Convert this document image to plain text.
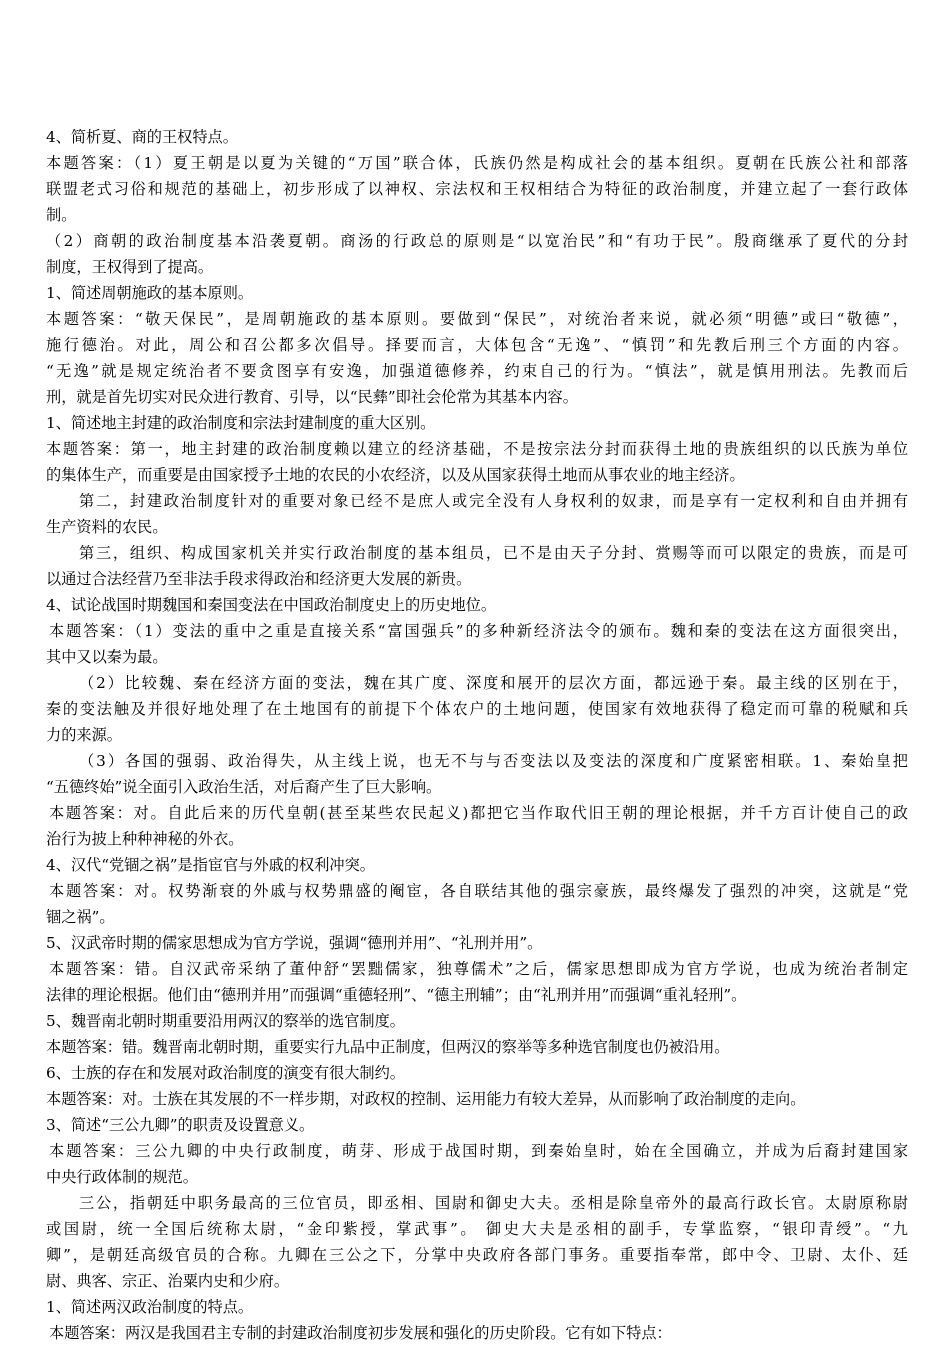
4、简析夏、商的王权特点。
本题答案：（1）夏王朝是以夏为关键的“万国”联合体，氏族仍然是构成社会的基本组织。夏朝在氏族公社和部落
联盟老式习俗和规范的基础上，初步形成了以神权、宗法权和王权相结合为特征的政治制度，并建立起了一套行政体
制。
（2）商朝的政治制度基本沿袭夏朝。商汤的行政总的原则是“以宽治民”和“有功于民”。殷商继承了夏代的分封
制度，王权得到了提高。
1、简述周朝施政的基本原则。
本题答案：“敬天保民”，是周朝施政的基本原则。要做到“保民”，对统治者来说，就必须“明德”或曰“敬德”，
施行德治。对此，周公和召公都多次倡导。择要而言，大体包含“无逸”、“慎罚”和先教后刑三个方面的内容。
“无逸”就是规定统治者不要贪图享有安逸，加强道德修养，约束自己的行为。“慎法”，就是慎用刑法。先教而后
刑，就是首先切实对民众进行教育、引导，以“民彝”即社会伦常为其基本内容。
1、简述地主封建的政治制度和宗法封建制度的重大区别。
本题答案：第一，地主封建的政治制度赖以建立的经济基础，不是按宗法分封而获得土地的贵族组织的以氏族为单位
的集体生产，而重要是由国家授予土地的农民的小农经济，以及从国家获得土地而从事农业的地主经济。
第二，封建政治制度针对的重要对象已经不是庶人或完全没有人身权利的奴隶，而是享有一定权利和自由并拥有
生产资料的农民。
第三，组织、构成国家机关并实行政治制度的基本组员，已不是由天子分封、赏赐等而可以限定的贵族，而是可
以通过合法经营乃至非法手段求得政治和经济更大发展的新贵。
4、试论战国时期魏国和秦国变法在中国政治制度史上的历史地位。
本题答案：（1）变法的重中之重是直接关系“富国强兵”的多种新经济法令的颁布。魏和秦的变法在这方面很突出，
其中又以秦为最。
（2）比较魏、秦在经济方面的变法，魏在其广度、深度和展开的层次方面，都远逊于秦。最主线的区别在于，
秦的变法触及并很好地处理了在土地国有的前提下个体农户的土地问题，使国家有效地获得了稳定而可靠的税赋和兵
力的来源。
（3）各国的强弱、政治得失，从主线上说，也无不与与否变法以及变法的深度和广度紧密相联。1、秦始皇把
“五德终始”说全面引入政治生活，对后裔产生了巨大影响。
本题答案：对。自此后来的历代皇朝(甚至某些农民起义)都把它当作取代旧王朝的理论根据，并千方百计使自己的政
治行为披上种种神秘的外衣。
4、汉代“党锢之祸”是指宦官与外戚的权利冲突。
本题答案：对。权势渐衰的外戚与权势鼎盛的阉宦，各自联结其他的强宗豪族，最终爆发了强烈的冲突，这就是“党
锢之祸”。
5、汉武帝时期的儒家思想成为官方学说，强调“德刑并用”、“礼刑并用”。
本题答案：错。自汉武帝采纳了董仲舒“罢黜儒家，独尊儒术”之后，儒家思想即成为官方学说，也成为统治者制定
法律的理论根据。他们由“德刑并用”而强调“重德轻刑”、“德主刑辅”；由“礼刑并用”而强调“重礼轻刑”。
5、魏晋南北朝时期重要沿用两汉的察举的选官制度。
本题答案：错。魏晋南北朝时期，重要实行九品中正制度，但两汉的察举等多种选官制度也仍被沿用。
6、士族的存在和发展对政治制度的演变有很大制约。
本题答案：对。士族在其发展的不一样步期，对政权的控制、运用能力有较大差异，从而影响了政治制度的走向。
3、简述“三公九卿”的职责及设置意义。
本题答案：三公九卿的中央行政制度，萌芽、形成于战国时期，到秦始皇时，始在全国确立，并成为后裔封建国家
中央行政体制的规范。
三公，指朝廷中职务最高的三位官员，即丞相、国尉和御史大夫。丞相是除皇帝外的最高行政长官。太尉原称尉
或国尉，统一全国后统称太尉，“金印紫授，掌武事”。 御史大夫是丞相的副手，专掌监察，“银印青绶”。“九
卿”，是朝廷高级官员的合称。九卿在三公之下，分掌中央政府各部门事务。重要指奉常，郎中令、卫尉、太仆、廷
尉、典客、宗正、治粟内史和少府。
1、简述两汉政治制度的特点。
本题答案：两汉是我国君主专制的封建政治制度初步发展和强化的历史阶段。它有如下特点：
